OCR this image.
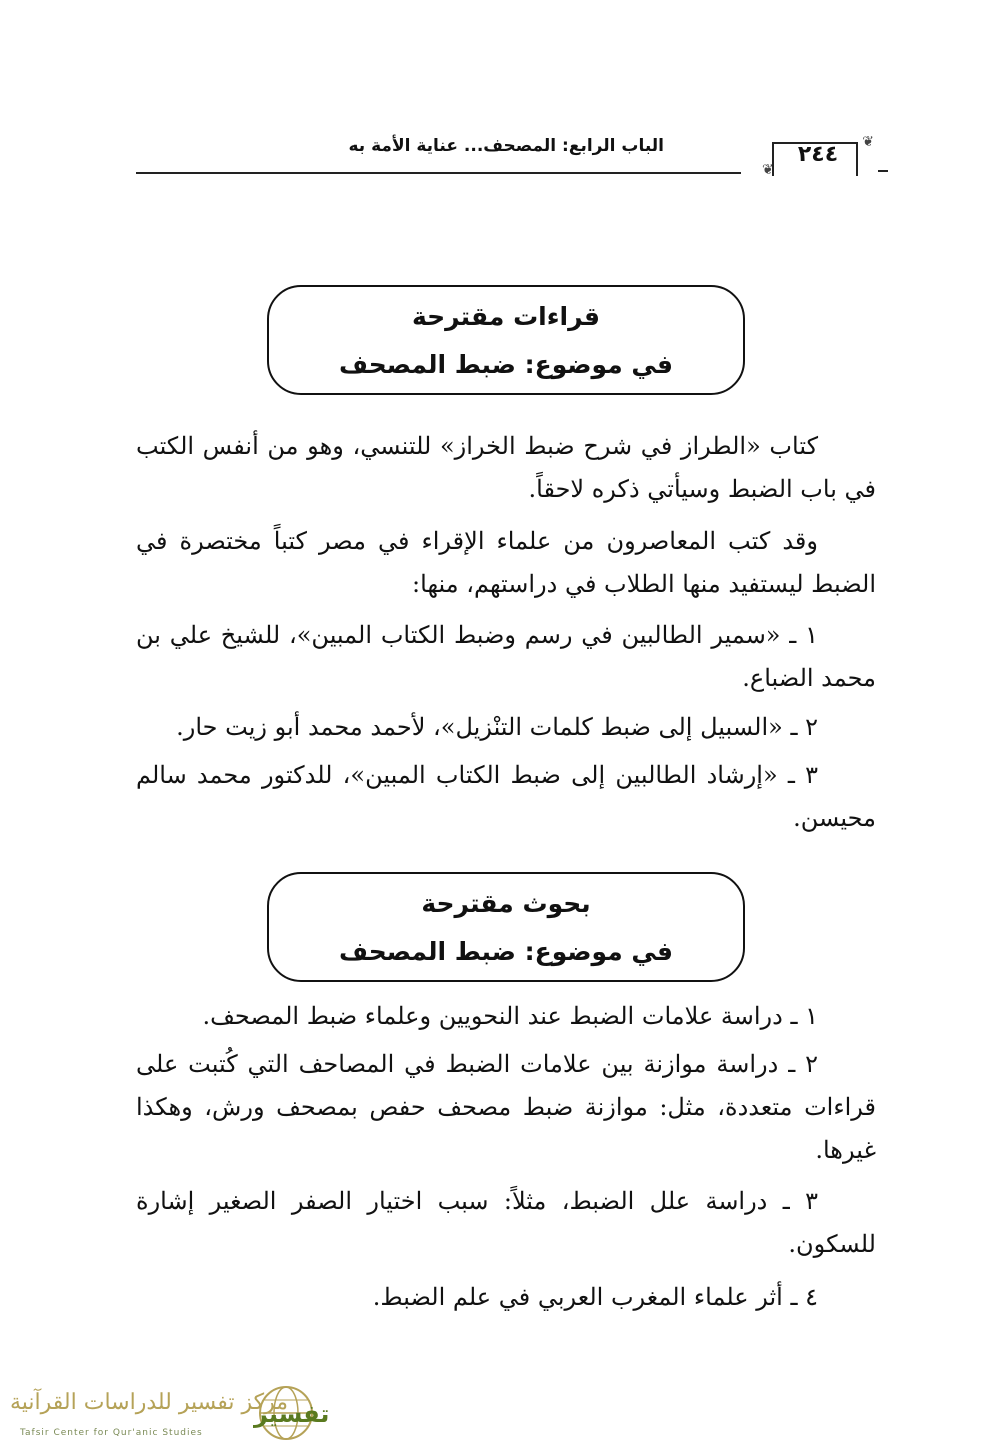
الباب الرابع: المصحف... عناية الأمة به	❦
❦
٢٤٤
قراءات مقترحة
في موضوع: ضبط المصحف
كتاب «الطراز في شرح ضبط الخراز» للتنسي، وهو من أنفس الكتب في باب الضبط وسيأتي ذكره لاحقاً.
وقد كتب المعاصرون من علماء الإقراء في مصر كتباً مختصرة في الضبط ليستفيد منها الطلاب في دراستهم، منها:
١ ـ «سمير الطالبين في رسم وضبط الكتاب المبين»، للشيخ علي بن محمد الضباع.
٢ ـ «السبيل إلى ضبط كلمات التنْزيل»، لأحمد محمد أبو زيت حار.
٣ ـ «إرشاد الطالبين إلى ضبط الكتاب المبين»، للدكتور محمد سالم محيسن.
بحوث مقترحة
في موضوع: ضبط المصحف
١ ـ دراسة علامات الضبط عند النحويين وعلماء ضبط المصحف.
٢ ـ دراسة موازنة بين علامات الضبط في المصاحف التي كُتبت على قراءات متعددة، مثل: موازنة ضبط مصحف حفص بمصحف ورش، وهكذا غيرها.
٣ ـ دراسة علل الضبط، مثلاً: سبب اختيار الصفر الصغير إشارة للسكون.
٤ ـ أثر علماء المغرب العربي في علم الضبط.
مركز تفسير للدراسات القرآنية
Tafsir Center for Qur'anic Studies
تفسير
